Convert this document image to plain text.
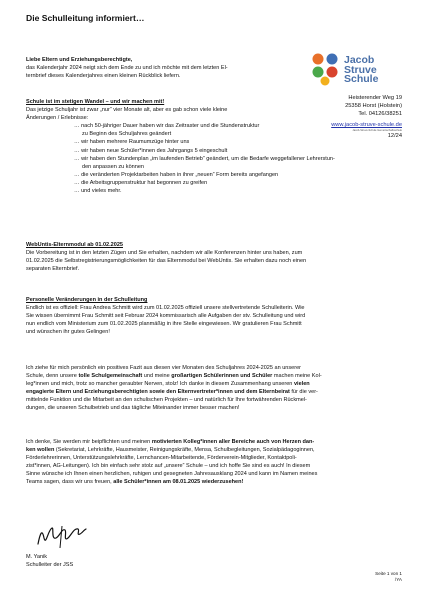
Die Schulleitung informiert…
Jacob
Struve
Schule
Heisterender Weg 19
25358 Horst (Holstein)
Tel. 04126/38251
www.jacob-struve-schule.de
Jacob-Struve-Schule Gemeinschaftsschule
12/24
Liebe Eltern und Erziehungsberechtigte,
das Kalenderjahr 2024 neigt sich dem Ende zu und ich möchte mit dem letzten El-
ternbrief dieses Kalenderjahres einen kleinen Rückblick liefern.
Schule ist im stetigen Wandel – und wir machen mit!
Das jetzige Schuljahr ist zwar „nur“ vier Monate alt, aber es gab schon viele kleine
Änderungen / Erlebnisse:
… nach 50-jähriger Dauer haben wir das Zeitraster und die Stundenstruktur
zu Beginn des Schuljahres geändert
… wir haben mehrere Raumumzüge hinter uns
… wir haben neue Schüler*innen des Jahrgangs 5 eingeschult
… wir haben den Stundenplan „im laufenden Betrieb“ geändert, um die Bedarfe weggefallener Lehrerstun-
den anpassen zu können
… die veränderten Projektarbeiten haben in ihrer „neuen“ Form bereits angefangen
… die Arbeitsgruppenstruktur hat begonnen zu greifen
… und vieles mehr.
WebUntis-Elternmodul ab 01.02.2025
Die Vorbereitung ist in den letzten Zügen und Sie erhalten, nachdem wir alle Konferenzen hinter uns haben, zum
01.02.2025 die Selbstregistrierungsmöglichkeiten für das Elternmodul bei WebUntis. Sie erhalten dazu noch einen
separaten Elternbrief.
Personelle Veränderungen in der Schulleitung
Endlich ist es offiziell: Frau Andrea Schmitt wird zum 01.02.2025 offiziell unsere stellvertretende Schulleiterin. Wie
Sie wissen übernimmt Frau Schmitt seit Februar 2024 kommissarisch alle Aufgaben der stv. Schulleitung und wird
nun endlich vom Ministerium zum 01.02.2025 planmäßig in ihre Stelle eingewiesen. Wir gratulieren Frau Schmitt
und wünschen ihr gutes Gelingen!
Ich ziehe für mich persönlich ein positives Fazit aus diesen vier Monaten des Schuljahres 2024-2025 an unserer
Schule, denn unsere tolle Schulgemeinschaft und meine großartigen Schülerinnen und Schüler machen meine Kol-
leg*innen und mich, trotz so mancher geraubter Nerven, stolz! Ich danke in diesem Zusammenhang unseren vielen
engagierte Eltern und Erziehungsberechtigten sowie den Elternvertreter*innen und dem Elternbeirat für die ver-
mittelnde Funktion und die Mitarbeit an den schulischen Projekten – und natürlich für Ihre fortwährenden Rückmel-
dungen, die unseren Schulbetrieb und das tägliche Miteinander immer besser machen!
Ich denke, Sie werden mir beipflichten und meinen motivierten Kolleg*innen aller Bereiche auch von Herzen dan-
ken wollen (Sekretariat, Lehrkräfte, Hausmeister, Reinigungskräfte, Mensa, Schulbegleitungen, Sozialpädagoginnen,
Förderlehrerinnen, Unterstützungslehrkräfte, Lernchancen-Mitarbeitende, Förderverein-Mitglieder, Kontaktpoli-
zist*innen, AG-Leitungen). Ich bin einfach sehr stolz auf „unsere“ Schule – und ich hoffe Sie sind es auch! In diesem
Sinne wünsche ich Ihnen einen herzlichen, ruhigen und gesegneten Jahresausklang 2024 und kann im Namen meines
Teams sagen, dass wir uns freuen, alle Schüler*innen am 08.01.2025 wiederzusehen!
M. Yanik
Schulleiter der JSS
Seite 1 von 1
/YA
